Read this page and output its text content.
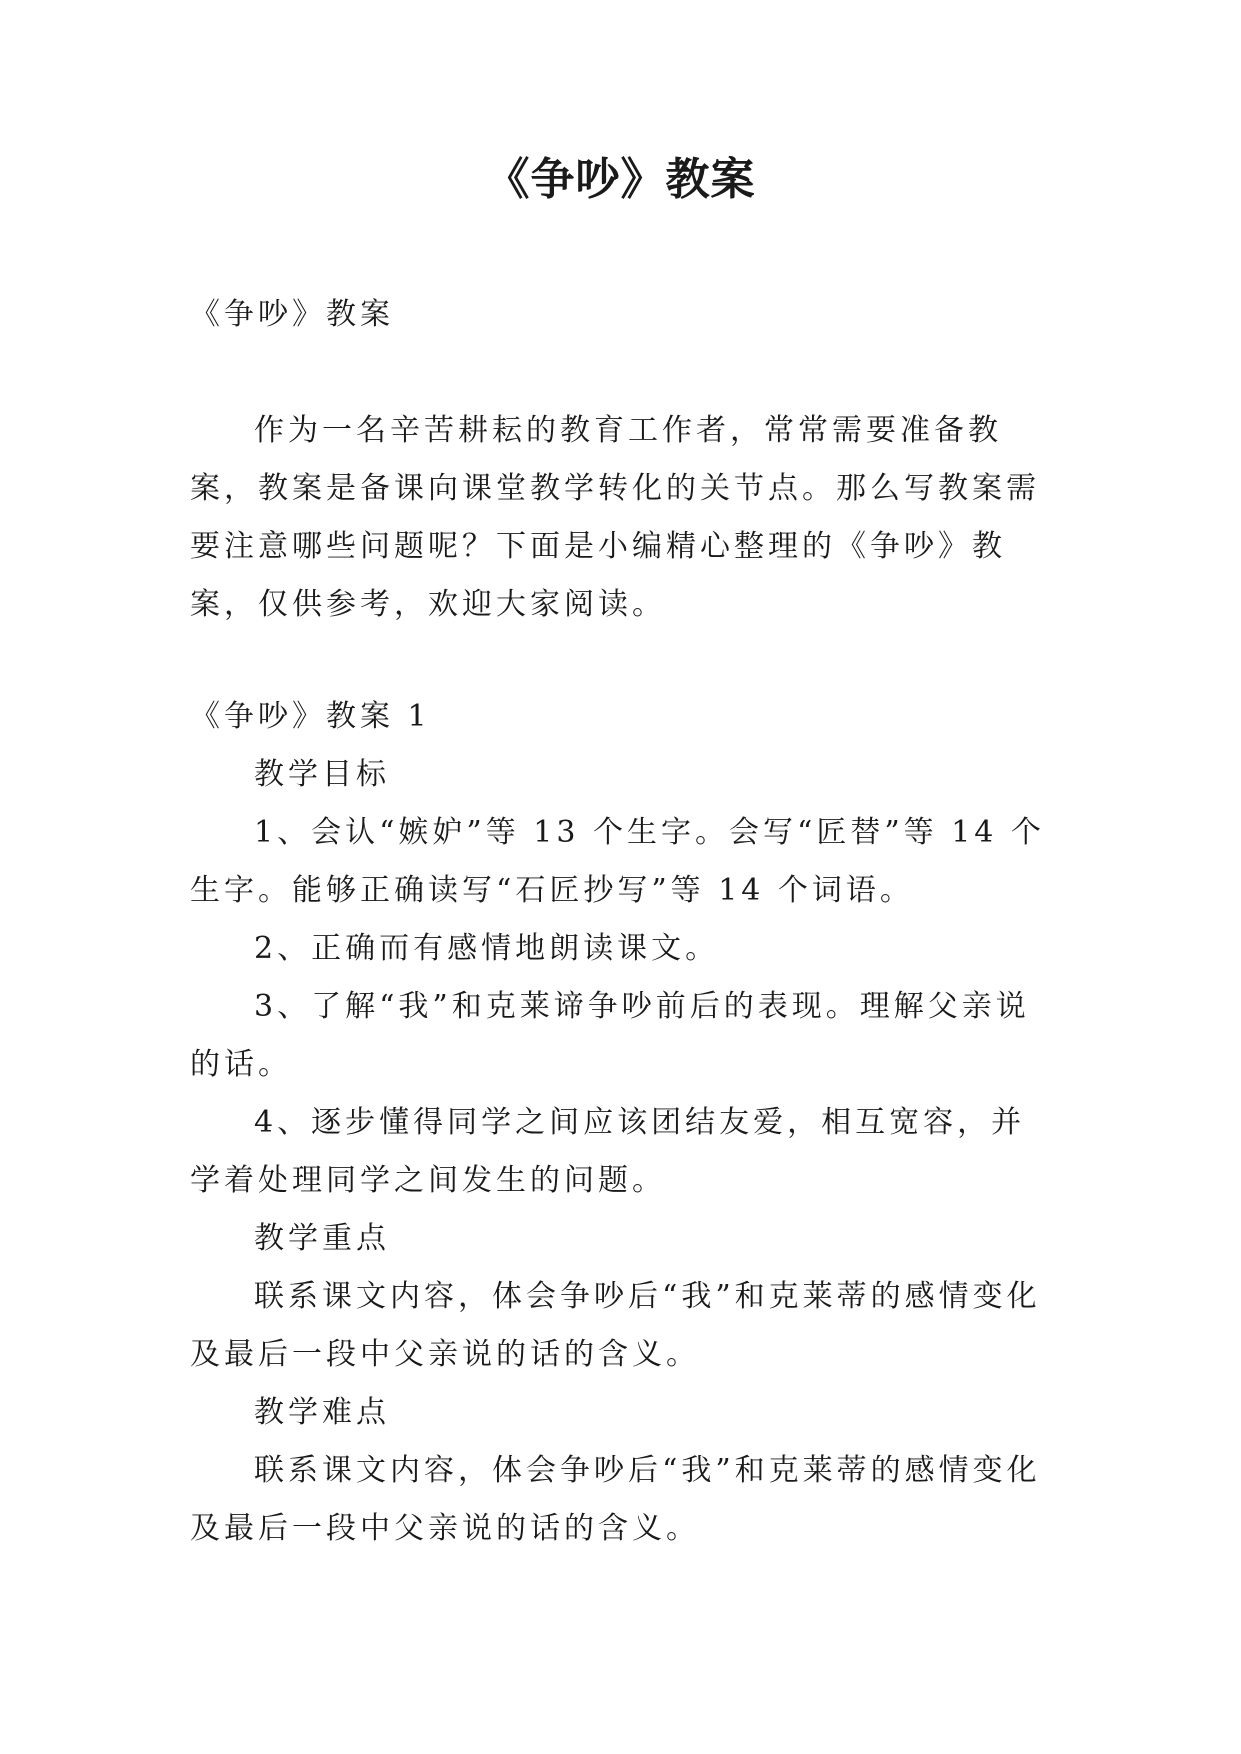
《争吵》教案

《争吵》教案

作为一名辛苦耕耘的教育工作者，常常需要准备教案，教案是备课向课堂教学转化的关节点。那么写教案需要注意哪些问题呢？下面是小编精心整理的《争吵》教案，仅供参考，欢迎大家阅读。

《争吵》教案 1

教学目标

1、会认“嫉妒”等 13 个生字。会写“匠替”等 14 个生字。能够正确读写“石匠抄写”等 14 个词语。

2、正确而有感情地朗读课文。

3、了解“我”和克莱谛争吵前后的表现。理解父亲说的话。

4、逐步懂得同学之间应该团结友爱，相互宽容，并学着处理同学之间发生的问题。

教学重点

联系课文内容，体会争吵后“我”和克莱蒂的感情变化及最后一段中父亲说的话的含义。

教学难点

联系课文内容，体会争吵后“我”和克莱蒂的感情变化及最后一段中父亲说的话的含义。
